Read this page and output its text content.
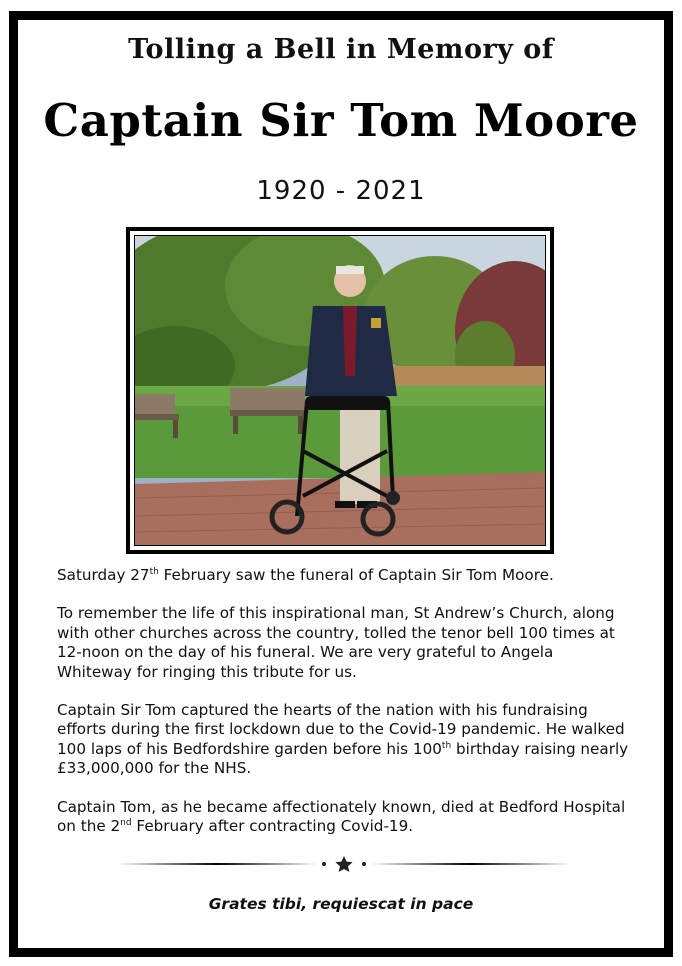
Tolling a Bell in Memory of
Captain Sir Tom Moore
1920 - 2021

Saturday 27th February saw the funeral of Captain Sir Tom Moore.

To remember the life of this inspirational man, St Andrew’s Church, along with other churches across the country, tolled the tenor bell 100 times at 12-noon on the day of his funeral. We are very grateful to Angela Whiteway for ringing this tribute for us.

Captain Sir Tom captured the hearts of the nation with his fundraising efforts during the first lockdown due to the Covid-19 pandemic. He walked 100 laps of his Bedfordshire garden before his 100th birthday raising nearly £33,000,000 for the NHS.

Captain Tom, as he became affectionately known, died at Bedford Hospital on the 2nd February after contracting Covid-19.

Grates tibi, requiescat in pace
